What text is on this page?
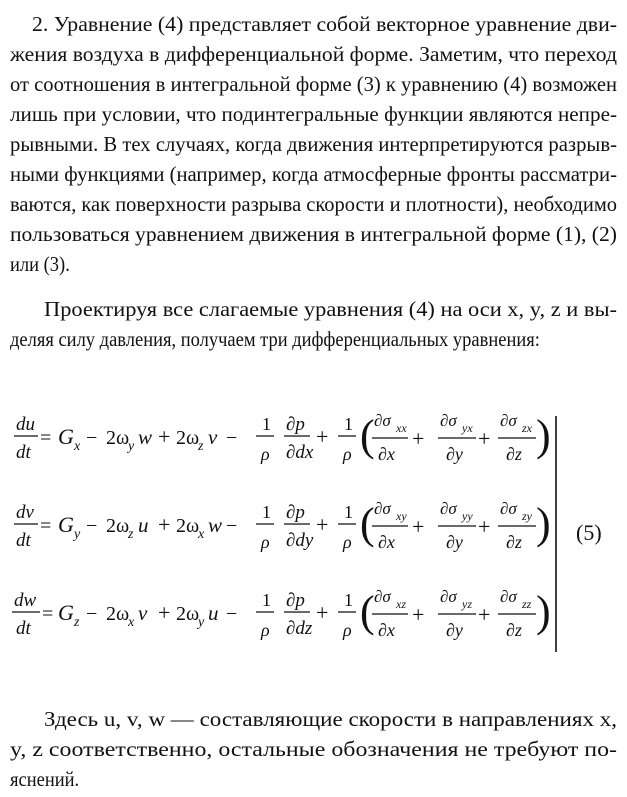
2. Уравнение (4) представляет собой векторное уравнение дви-
жения воздуха в дифференциальной форме. Заметим, что переход
от соотношения в интегральной форме (3) к уравнению (4) возможен
лишь при условии, что подинтегральные функции являются непре-
рывными. В тех случаях, когда движения интерпретируются разрыв-
ными функциями (например, когда атмосферные фронты рассматри-
ваются, как поверхности разрыва скорости и плотности), необходимо
пользоваться уравнением движения в интегральной форме (1), (2)
или (3).
Проектируя все слагаемые уравнения (4) на оси x, y, z и вы-
деляя силу давления, получаем три дифференциальных уравнения:
du
dt
= G x − 2ω
y w + 2ω
z v −
1
ρ
∂p
∂dx
+ 1
ρ ( ∂σ xx
∂x
+
∂σ yx
∂y
+
∂σ zx
∂z )
dv
dt
= G y − 2ω
z u + 2ω
x w −
1
ρ
∂p
∂dy
+ 1
ρ ( ∂σ xy
∂x
+
∂σ yy
∂y
+
∂σ zy
∂z )
dw
dt
= G z − 2ω
x v + 2ω
y u −
1
ρ
∂p
∂dz
+ 1
ρ ( ∂σ xz
∂x
+
∂σ yz
∂y
+
∂σ zz
∂z )
(5)
Здесь u, v, w — составляющие скорости в направлениях x,
y, z соответственно, остальные обозначения не требуют по-
яснений.
